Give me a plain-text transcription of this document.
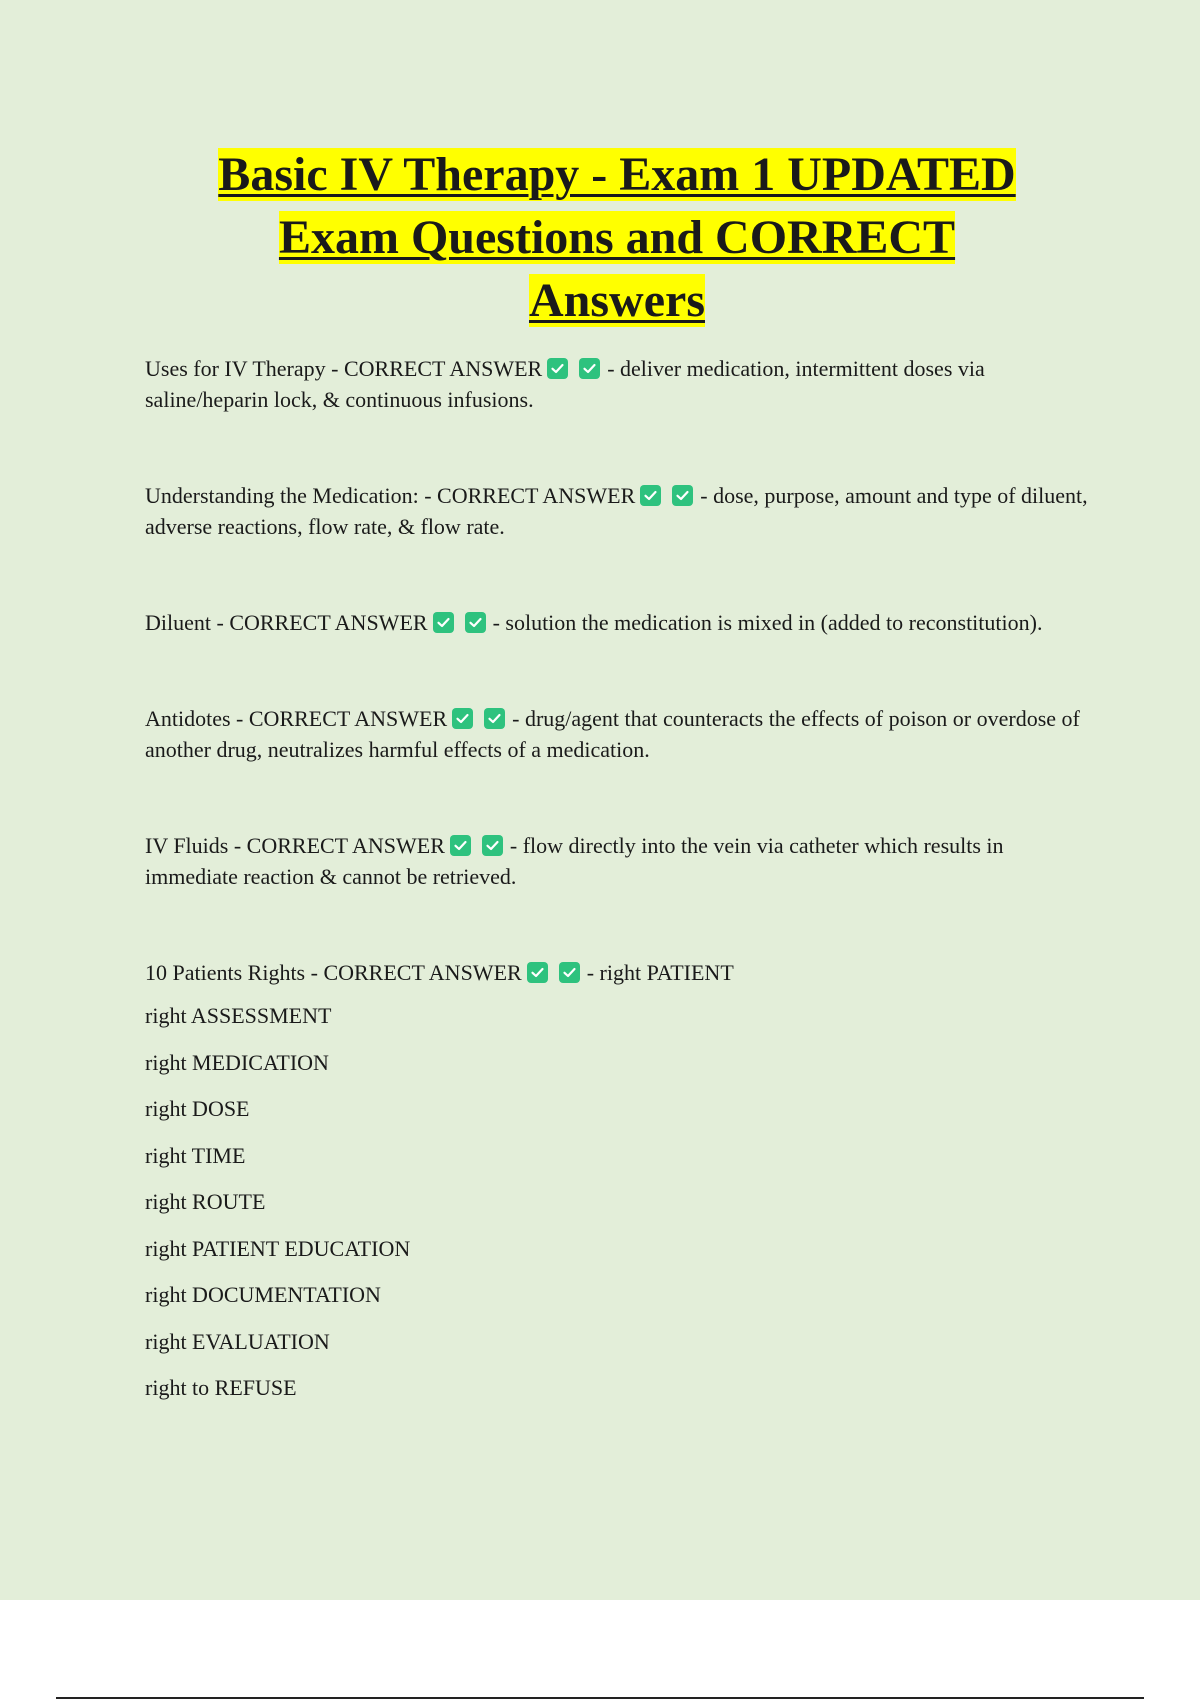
Basic IV Therapy - Exam 1 UPDATED
Exam Questions and CORRECT
Answers

Uses for IV Therapy - CORRECT ANSWER	- deliver medication, intermittent doses via saline/heparin lock, & continuous infusions.

Understanding the Medication: - CORRECT ANSWER	- dose, purpose, amount and type of diluent, adverse reactions, flow rate, & flow rate.

Diluent - CORRECT ANSWER	- solution the medication is mixed in (added to reconstitution).

Antidotes - CORRECT ANSWER	- drug/agent that counteracts the effects of poison or overdose of another drug, neutralizes harmful effects of a medication.

IV Fluids - CORRECT ANSWER	- flow directly into the vein via catheter which results in immediate reaction & cannot be retrieved.

10 Patients Rights - CORRECT ANSWER	- right PATIENT

right ASSESSMENT
right MEDICATION
right DOSE
right TIME
right ROUTE
right PATIENT EDUCATION
right DOCUMENTATION
right EVALUATION
right to REFUSE
